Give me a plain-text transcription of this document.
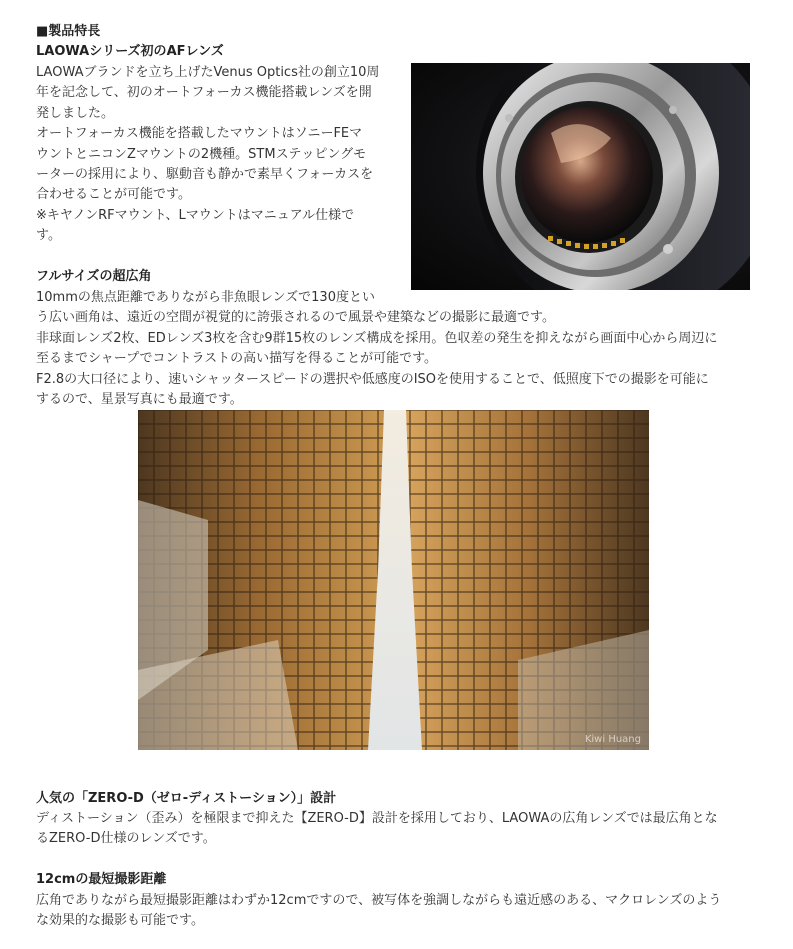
■製品特長
LAOWAシリーズ初のAFレンズ

LAOWAブランドを立ち上げたVenus Optics社の創立10周

年を記念して、初のオートフォーカス機能搭載レンズを開

発しました。

オートフォーカス機能を搭載したマウントはソニーFEマ

ウントとニコンZマウントの2機種。STMステッピングモ

ーターの採用により、駆動音も静かで素早くフォーカスを

合わせることが可能です。

※キヤノンRFマウント、Lマウントはマニュアル仕様で

す。

フルサイズの超広角

10mmの焦点距離でありながら非魚眼レンズで130度とい

う広い画角は、遠近の空間が視覚的に誇張されるので風景や建築などの撮影に最適です。

非球面レンズ2枚、EDレンズ3枚を含む9群15枚のレンズ構成を採用。色収差の発生を抑えながら画面中心から周辺に

至るまでシャープでコントラストの高い描写を得ることが可能です。

F2.8の大口径により、速いシャッタースピードの選択や低感度のISOを使用することで、低照度下での撮影を可能に

するので、星景写真にも最適です。

Kiwi Huang
人気の「ZERO-D（ゼロ-ディストーション）」設計

ディストーション（歪み）を極限まで抑えた【ZERO-D】設計を採用しており、LAOWAの広角レンズでは最広角とな

るZERO-D仕様のレンズです。

12cmの最短撮影距離

広角でありながら最短撮影距離はわずか12cmですので、被写体を強調しながらも遠近感のある、マクロレンズのよう

な効果的な撮影も可能です。
